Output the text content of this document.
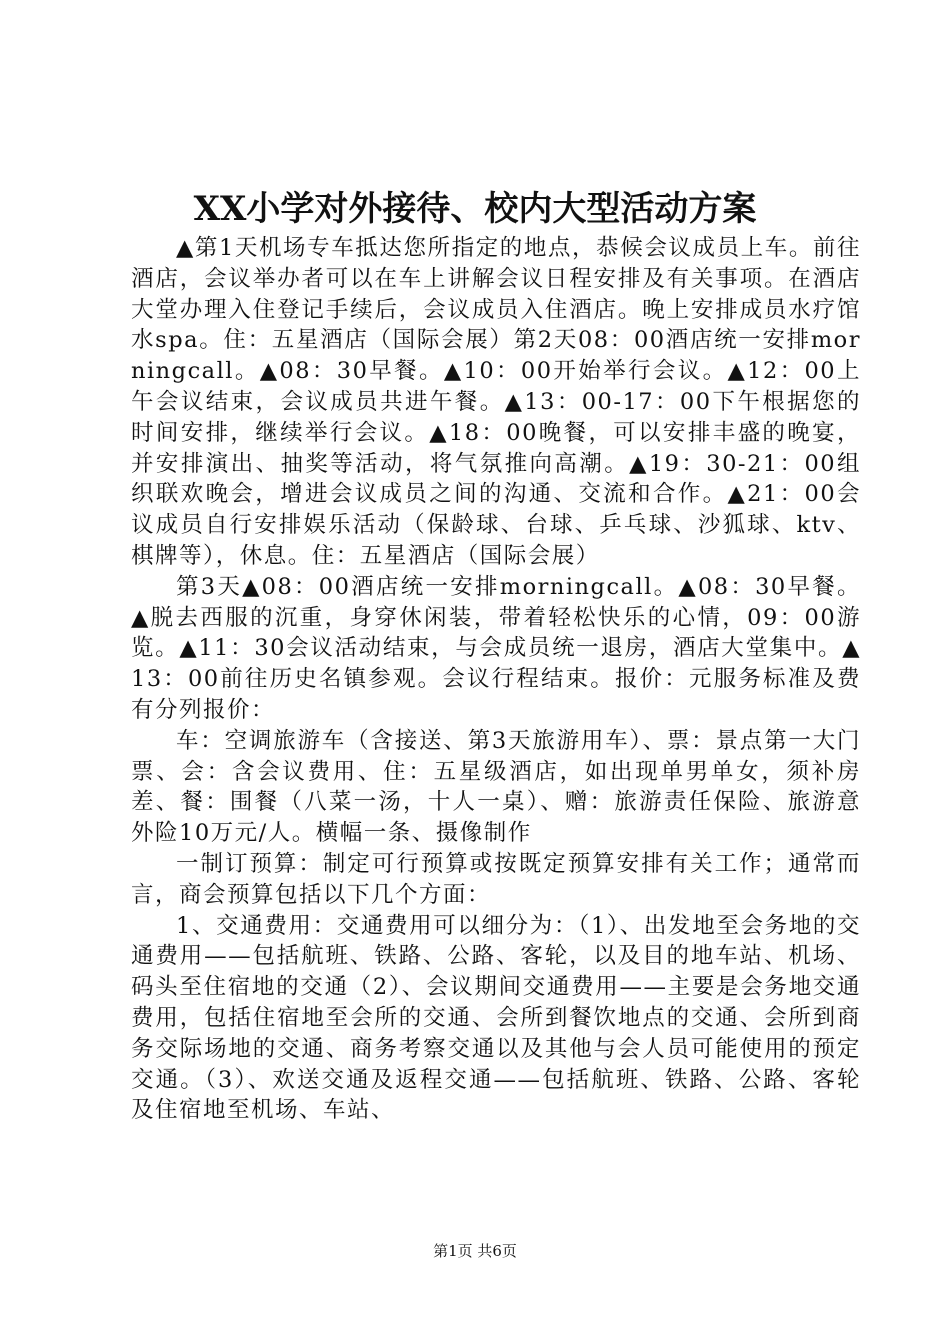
XX小学对外接待、校内大型活动方案

▲第1天机场专车抵达您所指定的地点，恭候会议成员上车。前往酒店，会议举办者可以在车上讲解会议日程安排及有关事项。在酒店大堂办理入住登记手续后，会议成员入住酒店。晚上安排成员水疗馆水spa。住：五星酒店（国际会展）第2天08：00酒店统一安排morningcall。▲08：30早餐。▲10：00开始举行会议。▲12：00上午会议结束，会议成员共进午餐。▲13：00-17：00下午根据您的时间安排，继续举行会议。▲18：00晚餐，可以安排丰盛的晚宴，并安排演出、抽奖等活动，将气氛推向高潮。▲19：30-21：00组织联欢晚会，增进会议成员之间的沟通、交流和合作。▲21：00会议成员自行安排娱乐活动（保龄球、台球、乒乓球、沙狐球、ktv、棋牌等），休息。住：五星酒店（国际会展）

第3天▲08：00酒店统一安排morningcall。▲08：30早餐。▲脱去西服的沉重，身穿休闲装，带着轻松快乐的心情，09：00游览。▲11：30会议活动结束，与会成员统一退房，酒店大堂集中。▲13：00前往历史名镇参观。会议行程结束。报价：元服务标准及费有分列报价：

车：空调旅游车（含接送、第3天旅游用车）、票：景点第一大门票、会：含会议费用、住：五星级酒店，如出现单男单女，须补房差、餐：围餐（八菜一汤，十人一桌）、赠：旅游责任保险、旅游意外险10万元/人。横幅一条、摄像制作

一制订预算：制定可行预算或按既定预算安排有关工作；通常而言，商会预算包括以下几个方面：

1、交通费用：交通费用可以细分为：（1）、出发地至会务地的交通费用——包括航班、铁路、公路、客轮，以及目的地车站、机场、码头至住宿地的交通（2）、会议期间交通费用——主要是会务地交通费用，包括住宿地至会所的交通、会所到餐饮地点的交通、会所到商务交际场地的交通、商务考察交通以及其他与会人员可能使用的预定交通。（3）、欢送交通及返程交通——包括航班、铁路、公路、客轮及住宿地至机场、车站、

第1页 共6页
